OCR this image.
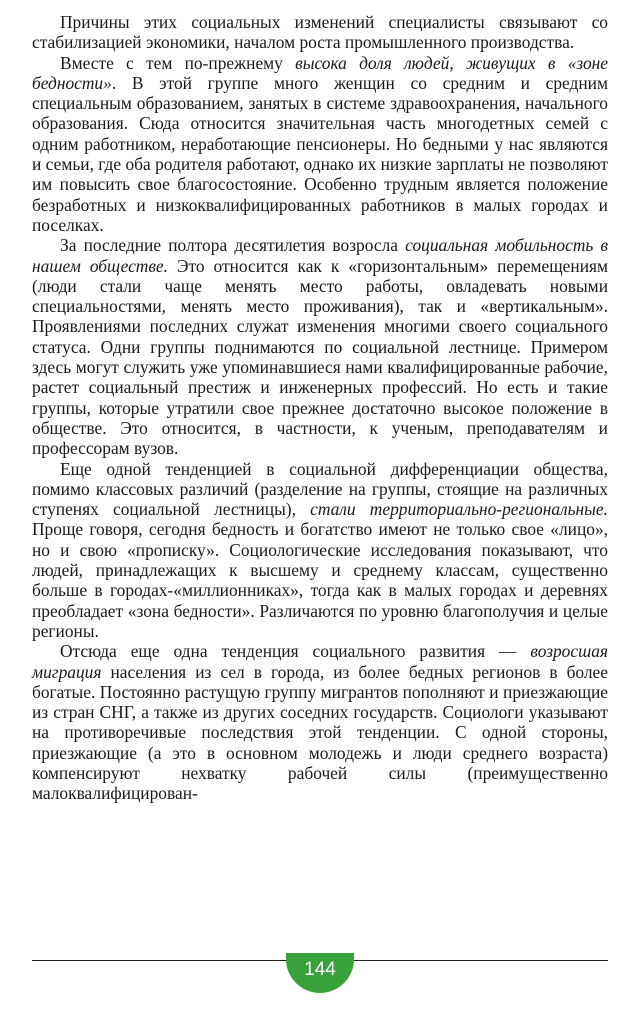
Причины этих социальных изменений специалисты связывают со стабилизацией экономики, началом роста промышленного производства.

Вместе с тем по-прежнему высока доля людей, живущих в «зоне бедности». В этой группе много женщин со средним и средним специальным образованием, занятых в системе здравоохранения, начального образования. Сюда относится значительная часть многодетных семей с одним работником, неработающие пенсионеры. Но бедными у нас являются и семьи, где оба родителя работают, однако их низкие зарплаты не позволяют им повысить свое благосостояние. Особенно трудным является положение безработных и низкоквалифицированных работников в малых городах и поселках.

За последние полтора десятилетия возросла социальная мобильность в нашем обществе. Это относится как к «горизонтальным» перемещениям (люди стали чаще менять место работы, овладевать новыми специальностями, менять место проживания), так и «вертикальным». Проявлениями последних служат изменения многими своего социального статуса. Одни группы поднимаются по социальной лестнице. Примером здесь могут служить уже упоминавшиеся нами квалифицированные рабочие, растет социальный престиж и инженерных профессий. Но есть и такие группы, которые утратили свое прежнее достаточно высокое положение в обществе. Это относится, в частности, к ученым, преподавателям и профессорам вузов.

Еще одной тенденцией в социальной дифференциации общества, помимо классовых различий (разделение на группы, стоящие на различных ступенях социальной лестницы), стали территориально-региональные. Проще говоря, сегодня бедность и богатство имеют не только свое «лицо», но и свою «прописку». Социологические исследования показывают, что людей, принадлежащих к высшему и среднему классам, существенно больше в городах-«миллионниках», тогда как в малых городах и деревнях преобладает «зона бедности». Различаются по уровню благополучия и целые регионы.

Отсюда еще одна тенденция социального развития — возросшая миграция населения из сел в города, из более бедных регионов в более богатые. Постоянно растущую группу мигрантов пополняют и приезжающие из стран СНГ, а также из других соседних государств. Социологи указывают на противоречивые последствия этой тенденции. С одной стороны, приезжающие (а это в основном молодежь и люди среднего возраста) компенсируют нехватку рабочей силы (преимущественно малоквалифицирован-

144
